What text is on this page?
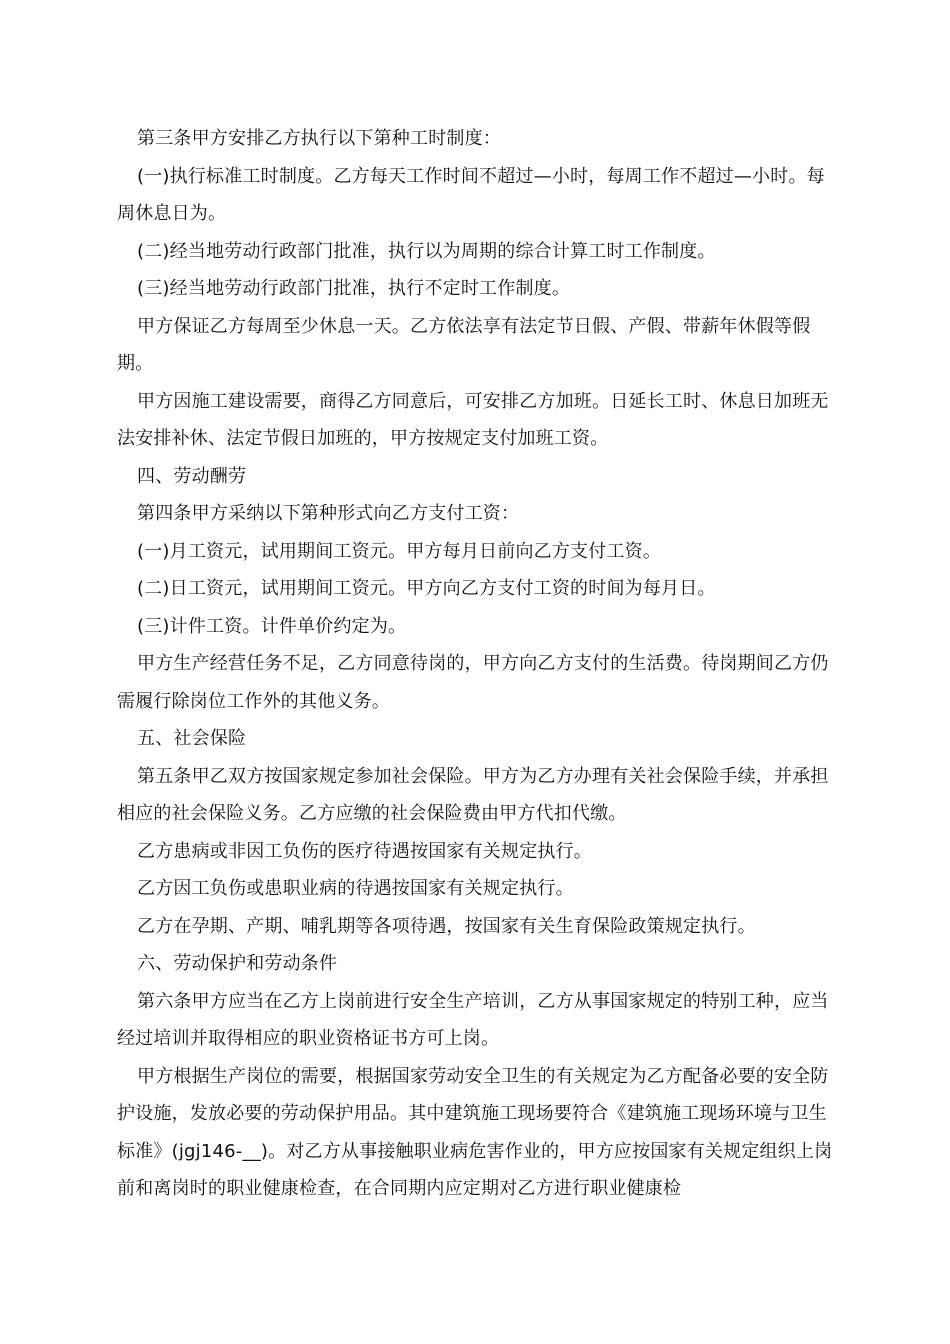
第三条甲方安排乙方执行以下第种工时制度：

(一)执行标准工时制度。乙方每天工作时间不超过—小时，每周工作不超过—小时。每周休息日为。

(二)经当地劳动行政部门批准，执行以为周期的综合计算工时工作制度。

(三)经当地劳动行政部门批准，执行不定时工作制度。

甲方保证乙方每周至少休息一天。乙方依法享有法定节日假、产假、带薪年休假等假期。

甲方因施工建设需要，商得乙方同意后，可安排乙方加班。日延长工时、休息日加班无法安排补休、法定节假日加班的，甲方按规定支付加班工资。

四、劳动酬劳

第四条甲方采纳以下第种形式向乙方支付工资：

(一)月工资元，试用期间工资元。甲方每月日前向乙方支付工资。

(二)日工资元，试用期间工资元。甲方向乙方支付工资的时间为每月日。

(三)计件工资。计件单价约定为。

甲方生产经营任务不足，乙方同意待岗的，甲方向乙方支付的生活费。待岗期间乙方仍需履行除岗位工作外的其他义务。

五、社会保险

第五条甲乙双方按国家规定参加社会保险。甲方为乙方办理有关社会保险手续，并承担相应的社会保险义务。乙方应缴的社会保险费由甲方代扣代缴。

乙方患病或非因工负伤的医疗待遇按国家有关规定执行。

乙方因工负伤或患职业病的待遇按国家有关规定执行。

乙方在孕期、产期、哺乳期等各项待遇，按国家有关生育保险政策规定执行。

六、劳动保护和劳动条件

第六条甲方应当在乙方上岗前进行安全生产培训，乙方从事国家规定的特别工种，应当经过培训并取得相应的职业资格证书方可上岗。

甲方根据生产岗位的需要，根据国家劳动安全卫生的有关规定为乙方配备必要的安全防护设施，发放必要的劳动保护用品。其中建筑施工现场要符合《建筑施工现场环境与卫生标准》(jgj146-__)。对乙方从事接触职业病危害作业的，甲方应按国家有关规定组织上岗前和离岗时的职业健康检查，在合同期内应定期对乙方进行职业健康检
